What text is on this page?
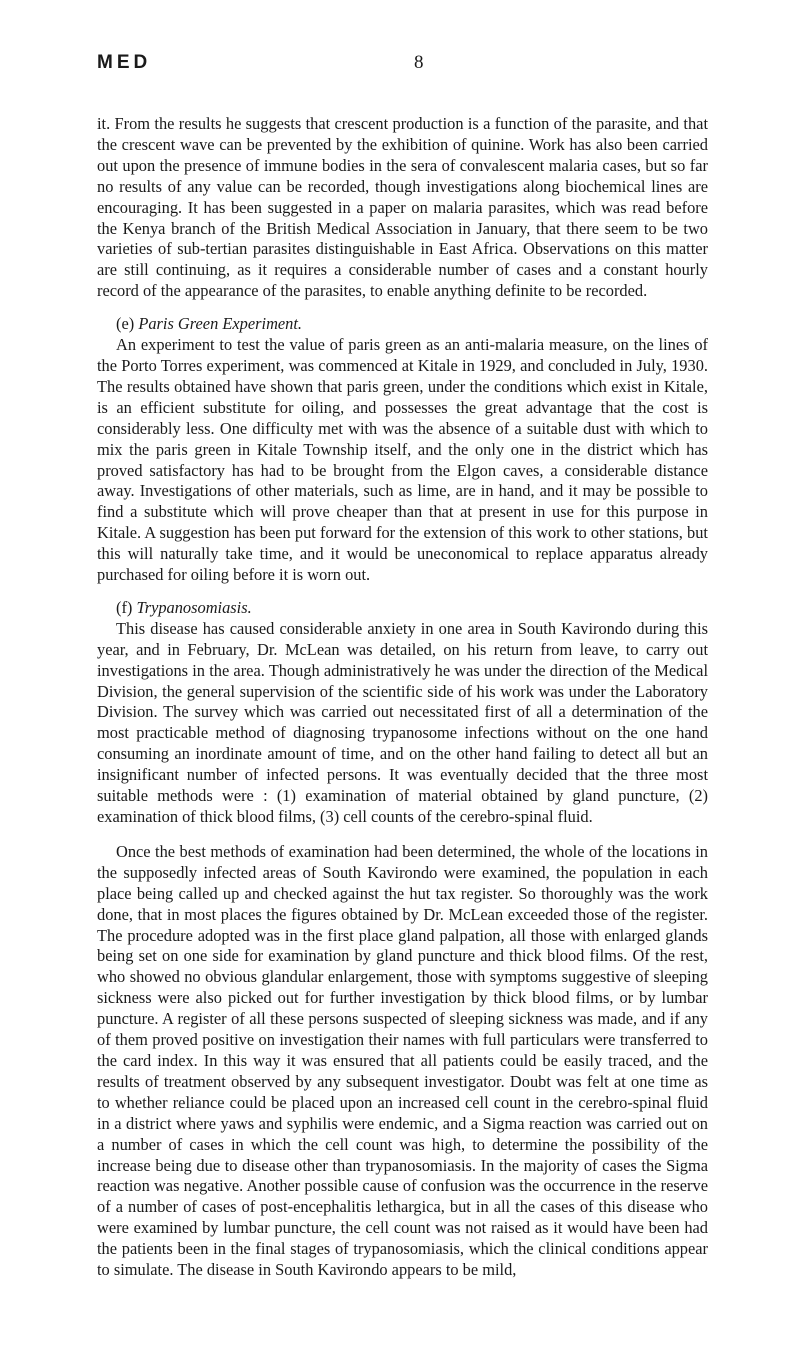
MED	8

it. From the results he suggests that crescent production is a function of the parasite, and that the crescent wave can be prevented by the exhibition of quinine. Work has also been carried out upon the presence of immune bodies in the sera of convalescent malaria cases, but so far no results of any value can be recorded, though investigations along biochemical lines are encouraging. It has been suggested in a paper on malaria parasites, which was read before the Kenya branch of the British Medical Association in January, that there seem to be two varieties of sub-tertian parasites distinguishable in East Africa. Observations on this matter are still continuing, as it requires a considerable number of cases and a constant hourly record of the appearance of the parasites, to enable anything definite to be recorded.

(e) Paris Green Experiment.

An experiment to test the value of paris green as an anti-malaria measure, on the lines of the Porto Torres experiment, was commenced at Kitale in 1929, and concluded in July, 1930. The results obtained have shown that paris green, under the conditions which exist in Kitale, is an efficient substitute for oiling, and possesses the great advantage that the cost is considerably less. One difficulty met with was the absence of a suitable dust with which to mix the paris green in Kitale Township itself, and the only one in the district which has proved satisfactory has had to be brought from the Elgon caves, a considerable distance away. Investigations of other materials, such as lime, are in hand, and it may be possible to find a substitute which will prove cheaper than that at present in use for this purpose in Kitale. A suggestion has been put forward for the extension of this work to other stations, but this will naturally take time, and it would be uneconomical to replace apparatus already purchased for oiling before it is worn out.

(f) Trypanosomiasis.

This disease has caused considerable anxiety in one area in South Kavirondo during this year, and in February, Dr. McLean was detailed, on his return from leave, to carry out investigations in the area. Though administratively he was under the direction of the Medical Division, the general supervision of the scientific side of his work was under the Laboratory Division. The survey which was carried out necessitated first of all a determination of the most practicable method of diagnosing trypanosome infections without on the one hand consuming an inordinate amount of time, and on the other hand failing to detect all but an insignificant number of infected persons. It was eventually decided that the three most suitable methods were : (1) examination of material obtained by gland puncture, (2) examination of thick blood films, (3) cell counts of the cerebro-spinal fluid.

Once the best methods of examination had been determined, the whole of the locations in the supposedly infected areas of South Kavirondo were examined, the population in each place being called up and checked against the hut tax register. So thoroughly was the work done, that in most places the figures obtained by Dr. McLean exceeded those of the register. The procedure adopted was in the first place gland palpation, all those with enlarged glands being set on one side for examination by gland puncture and thick blood films. Of the rest, who showed no obvious glandular enlargement, those with symptoms suggestive of sleeping sickness were also picked out for further investigation by thick blood films, or by lumbar puncture. A register of all these persons suspected of sleeping sickness was made, and if any of them proved positive on investigation their names with full particulars were transferred to the card index. In this way it was ensured that all patients could be easily traced, and the results of treatment observed by any subsequent investigator. Doubt was felt at one time as to whether reliance could be placed upon an increased cell count in the cerebro-spinal fluid in a district where yaws and syphilis were endemic, and a Sigma reaction was carried out on a number of cases in which the cell count was high, to determine the possibility of the increase being due to disease other than trypanosomiasis. In the majority of cases the Sigma reaction was negative. Another possible cause of confusion was the occurrence in the reserve of a number of cases of post-encephalitis lethargica, but in all the cases of this disease who were examined by lumbar puncture, the cell count was not raised as it would have been had the patients been in the final stages of trypanosomiasis, which the clinical conditions appear to simulate. The disease in South Kavirondo appears to be mild,
